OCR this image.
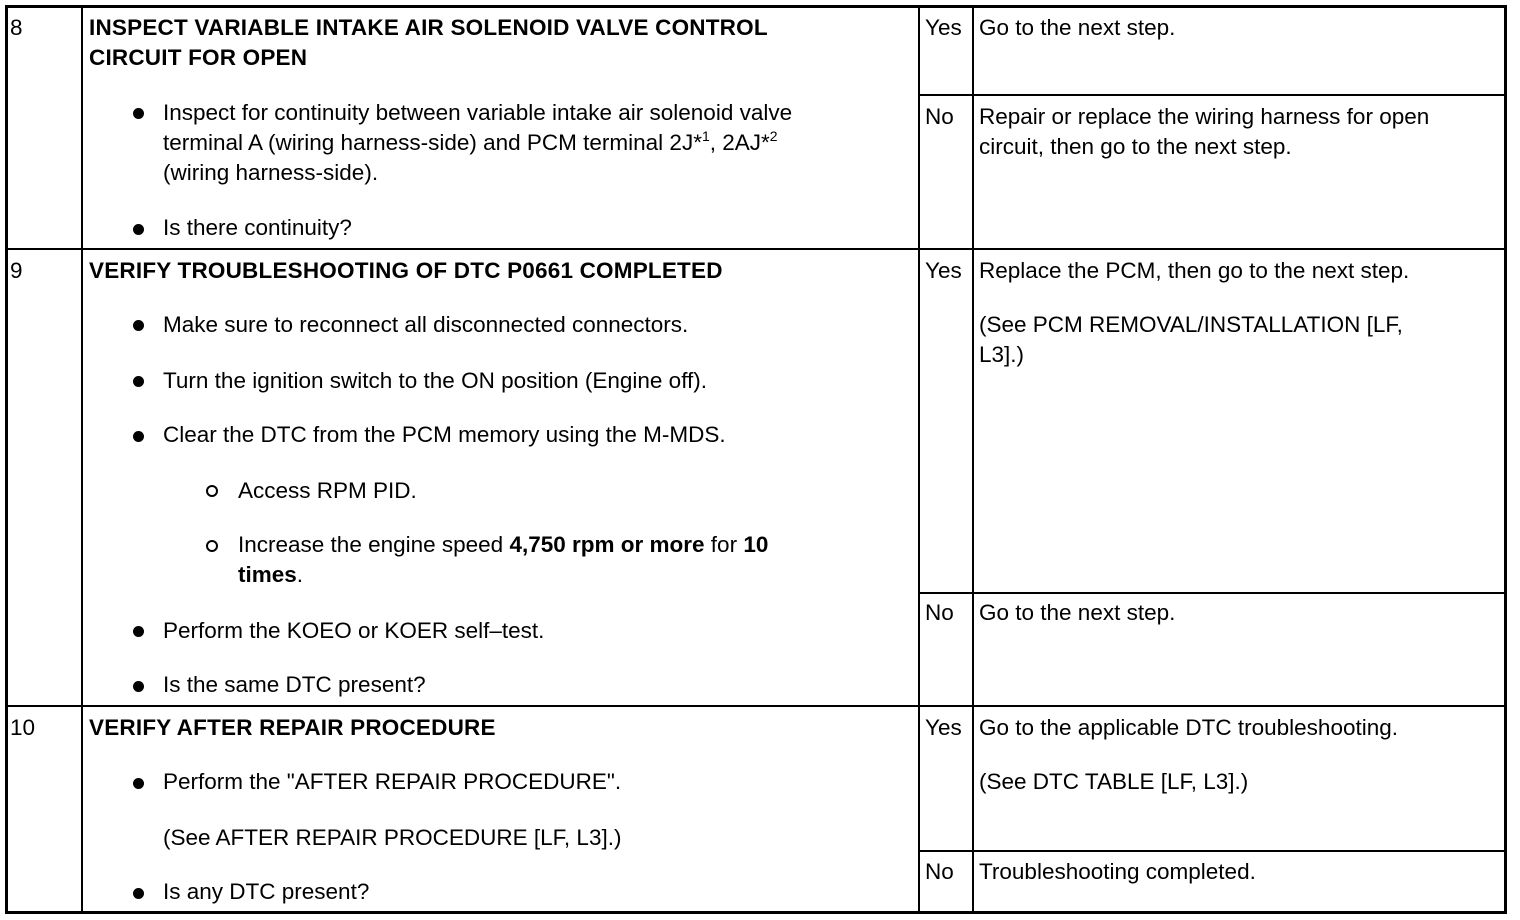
8	INSPECT VARIABLE INTAKE AIR SOLENOID VALVE CONTROL
CIRCUIT FOR OPEN
Inspect for continuity between variable intake air solenoid valve
terminal A (wiring harness-side) and PCM terminal 2J*$^1$, 2AJ*$^2$
(wiring harness-side).
Is there continuity?
Yes Go to the next step.
No Repair or replace the wiring harness for open
circuit, then go to the next step.
9	VERIFY TROUBLESHOOTING OF DTC P0661 COMPLETED
Make sure to reconnect all disconnected connectors.
Turn the ignition switch to the ON position (Engine off).
Clear the DTC from the PCM memory using the M-MDS.
Access RPM PID.
Increase the engine speed 4,750 rpm or more for 10
times.
Perform the KOEO or KOER self–test.
Is the same DTC present?
Yes Replace the PCM, then go to the next step.
(See PCM REMOVAL/INSTALLATION [LF,
L3].)
No Go to the next step.
10 VERIFY AFTER REPAIR PROCEDURE
Perform the "AFTER REPAIR PROCEDURE".
(See AFTER REPAIR PROCEDURE [LF, L3].)
Is any DTC present?
Yes Go to the applicable DTC troubleshooting.
(See DTC TABLE [LF, L3].)
No Troubleshooting completed.
